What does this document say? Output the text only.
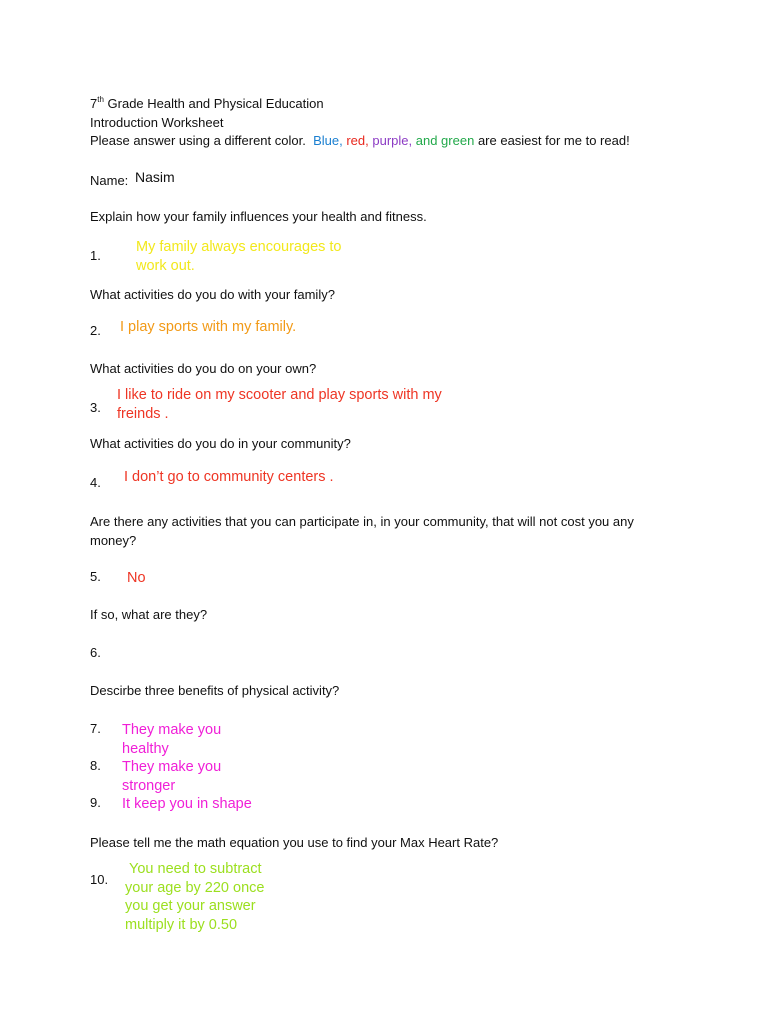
7th Grade Health and Physical Education
Introduction Worksheet
Please answer using a different color. Blue, red, purple, and green are easiest for me to read!
Name: Nasim
Explain how your family influences your health and fitness.
1.
My family always encourages to work out.
What activities do you do with your family?
2. I play sports with my family.
What activities do you do on your own?
3.
I like to ride on my scooter and play sports with my freinds .
What activities do you do in your community?
4. I don’t go to community centers .
Are there any activities that you can participate in, in your community, that will not cost you any money?
5. No
If so, what are they?
6.
Descirbe three benefits of physical activity?
7. They make you healthy
8. They make you stronger
9. It keep you in shape
Please tell me the math equation you use to find your Max Heart Rate?
10.
You need to subtract your age by 220 once you get your answer multiply it by 0.50
